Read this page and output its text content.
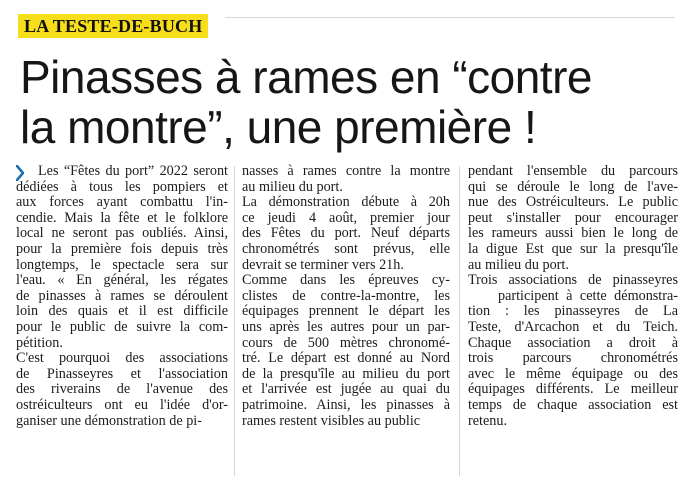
LA TESTE-DE-BUCH
Pinasses à rames en “contre
la montre”, une première !
Les “Fêtes du port” 2022 seront
dédiées à tous les pompiers et
aux forces ayant combattu l'in-
cendie. Mais la fête et le folklore
local ne seront pas oubliés. Ainsi,
pour la première fois depuis très
longtemps, le spectacle sera sur
l'eau. « En général, les régates
de pinasses à rames se déroulent
loin des quais et il est difficile
pour le public de suivre la com-
pétition.
C'est pourquoi des associations
de Pinasseyres et l'association
des riverains de l'avenue des
ostréiculteurs ont eu l'idée d'or-
ganiser une démonstration de pi-
nasses à rames contre la montre
au milieu du port.
La démonstration débute à 20h
ce jeudi 4 août, premier jour
des Fêtes du port. Neuf départs
chronométrés sont prévus, elle
devrait se terminer vers 21h.
Comme dans les épreuves cy-
clistes de contre-la-montre, les
équipages prennent le départ les
uns après les autres pour un par-
cours de 500 mètres chronomé-
tré. Le départ est donné au Nord
de la presqu'île au milieu du port
et l'arrivée est jugée au quai du
patrimoine. Ainsi, les pinasses à
rames restent visibles au public
pendant l'ensemble du parcours
qui se déroule le long de l'ave-
nue des Ostréiculteurs. Le public
peut s'installer pour encourager
les rameurs aussi bien le long de
la digue Est que sur la presqu'île
au milieu du port.
Trois associations de pinasseyres
participent à cette démonstra-
tion : les pinasseyres de La
Teste, d'Arcachon et du Teich.
Chaque association a droit à
trois parcours chronométrés
avec le même équipage ou des
équipages différents. Le meilleur
temps de chaque association est
retenu.
